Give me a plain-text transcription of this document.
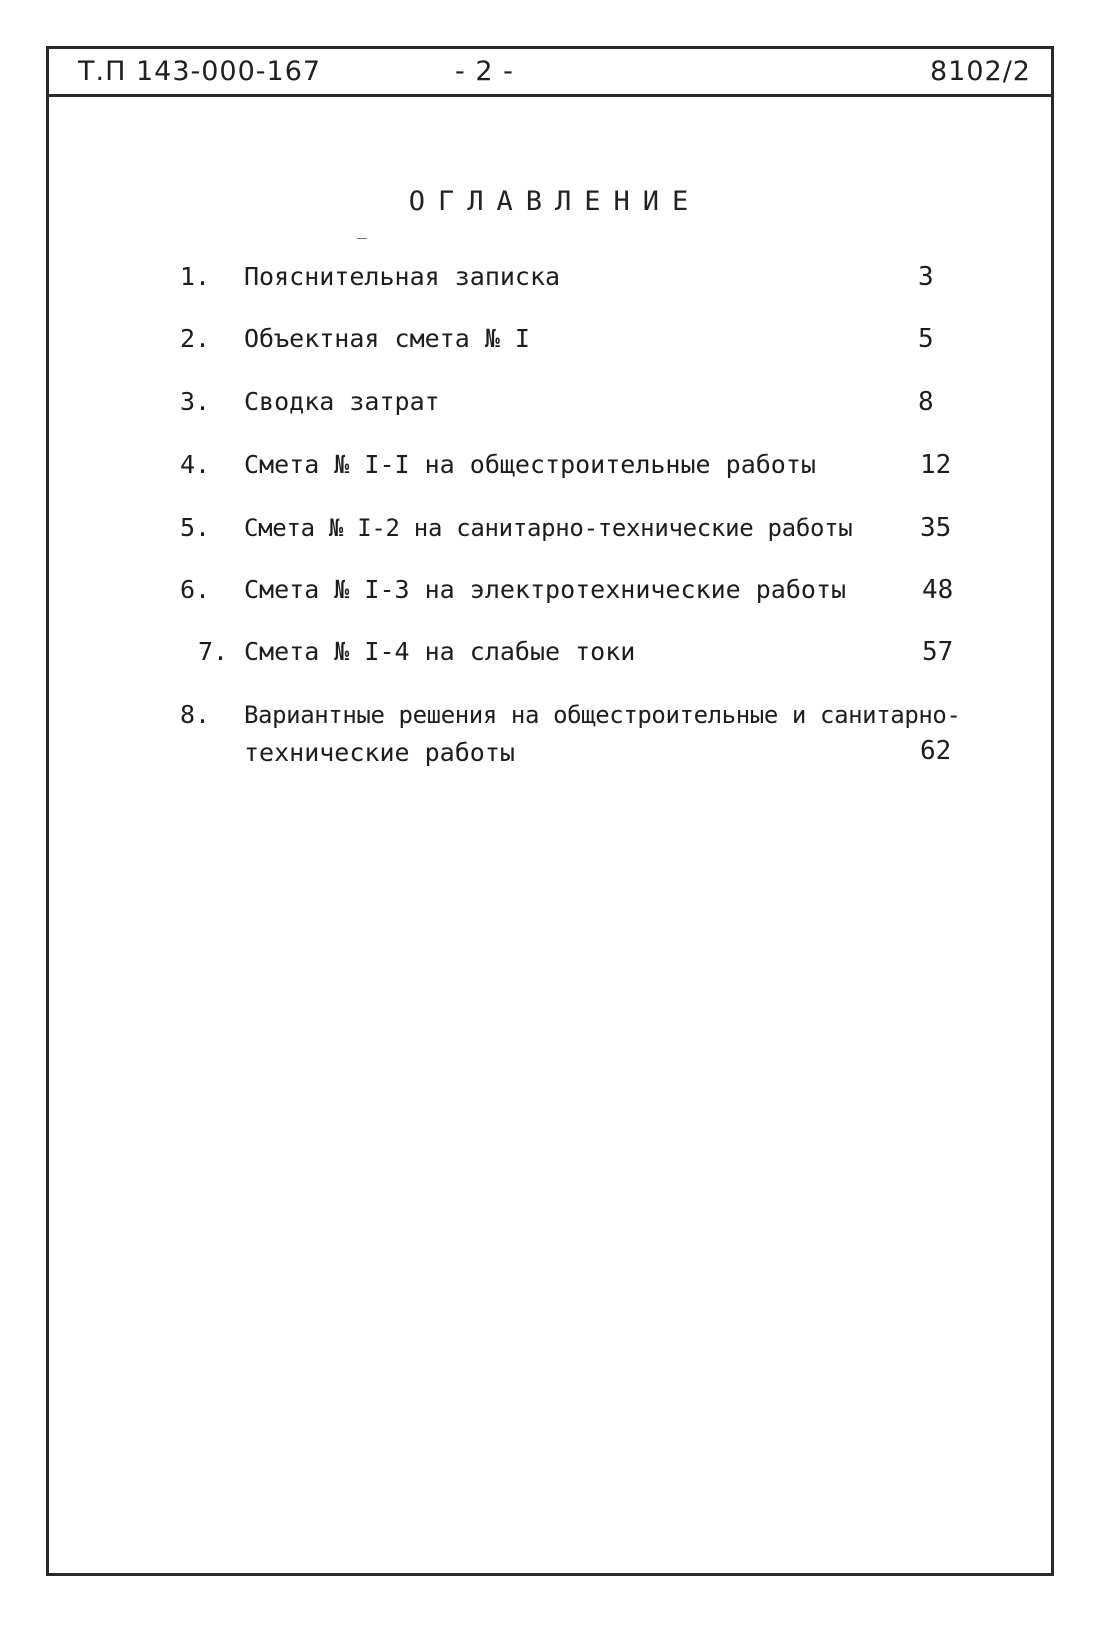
Т.П 143-000-167	- 2 -	8102/2
ОГЛАВЛЕНИЕ
1.	Пояснительная записка	3
2.	Объектная смета № I	5
3.	Сводка затрат	8
4.	Смета № I-I на общестроительные работы	12
5.	Смета № I-2 на санитарно-технические работы	35
6.	Смета № I-3 на электротехнические работы	48
7. Смета № I-4 на слабые токи	57
8.	Вариантные решения на общестроительные и санитарно-
технические работы	62
